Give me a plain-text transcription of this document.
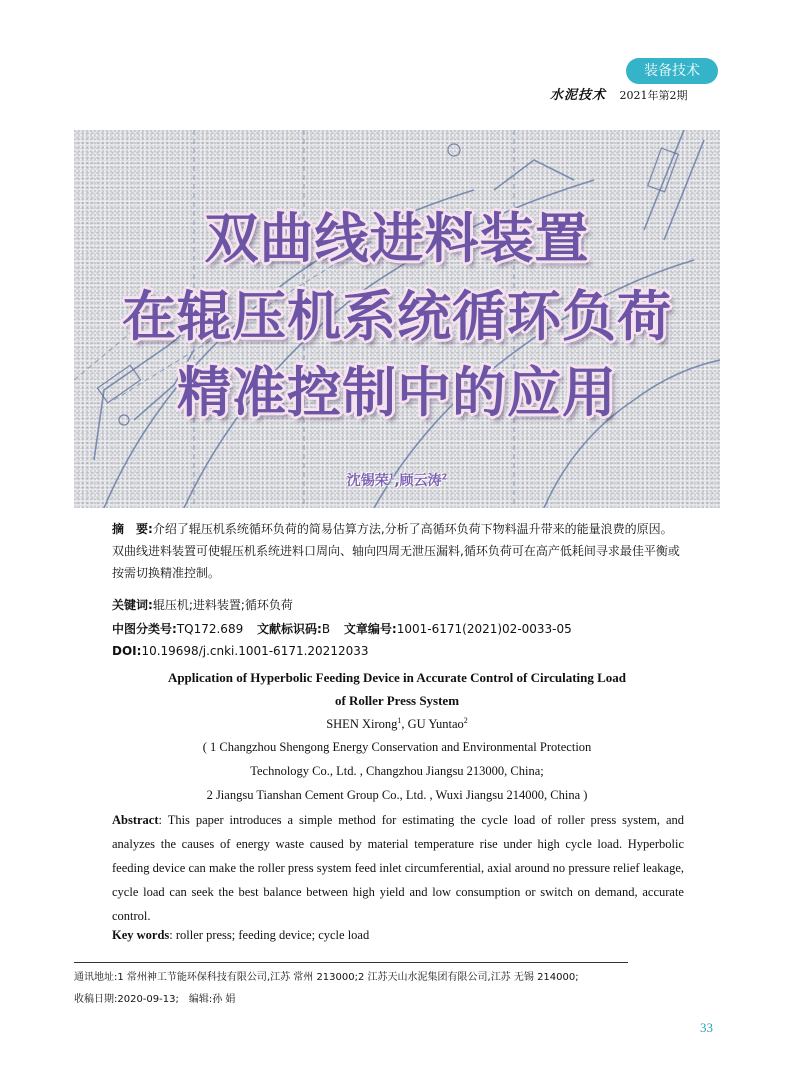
装备技术
水泥技术 2021年第2期
双曲线进料装置
在辊压机系统循环负荷
精准控制中的应用
沈锡荣$^1$,顾云涛$^2$
摘　要:介绍了辊压机系统循环负荷的简易估算方法,分析了高循环负荷下物料温升带来的能量浪费的原因。双曲线进料装置可使辊压机系统进料口周向、轴向四周无泄压漏料,循环负荷可在高产低耗间寻求最佳平衡或按需切换精准控制。
关键词:辊压机;进料装置;循环负荷
中图分类号:TQ172.689 文献标识码:B 文章编号:1001-6171(2021)02-0033-05
DOI:10.19698/j.cnki.1001-6171.20212033
Application of Hyperbolic Feeding Device in Accurate Control of Circulating Load
of Roller Press System
SHEN Xirong$^1$, GU Yuntao$^2$
( 1 Changzhou Shengong Energy Conservation and Environmental Protection
Technology Co., Ltd. , Changzhou Jiangsu 213000, China;
2 Jiangsu Tianshan Cement Group Co., Ltd. , Wuxi Jiangsu 214000, China )
Abstract: This paper introduces a simple method for estimating the cycle load of roller press system, and analyzes the causes of energy waste caused by material temperature rise under high cycle load. Hyperbolic feeding device can make the roller press system feed inlet circumferential, axial around no pressure relief leakage, cycle load can seek the best balance between high yield and low consumption or switch on demand, accurate control.
Key words: roller press; feeding device; cycle load
通讯地址:1 常州神工节能环保科技有限公司,江苏 常州 213000;2 江苏天山水泥集团有限公司,江苏 无锡 214000;
收稿日期:2020-09-13;　编辑:孙 娟
33
